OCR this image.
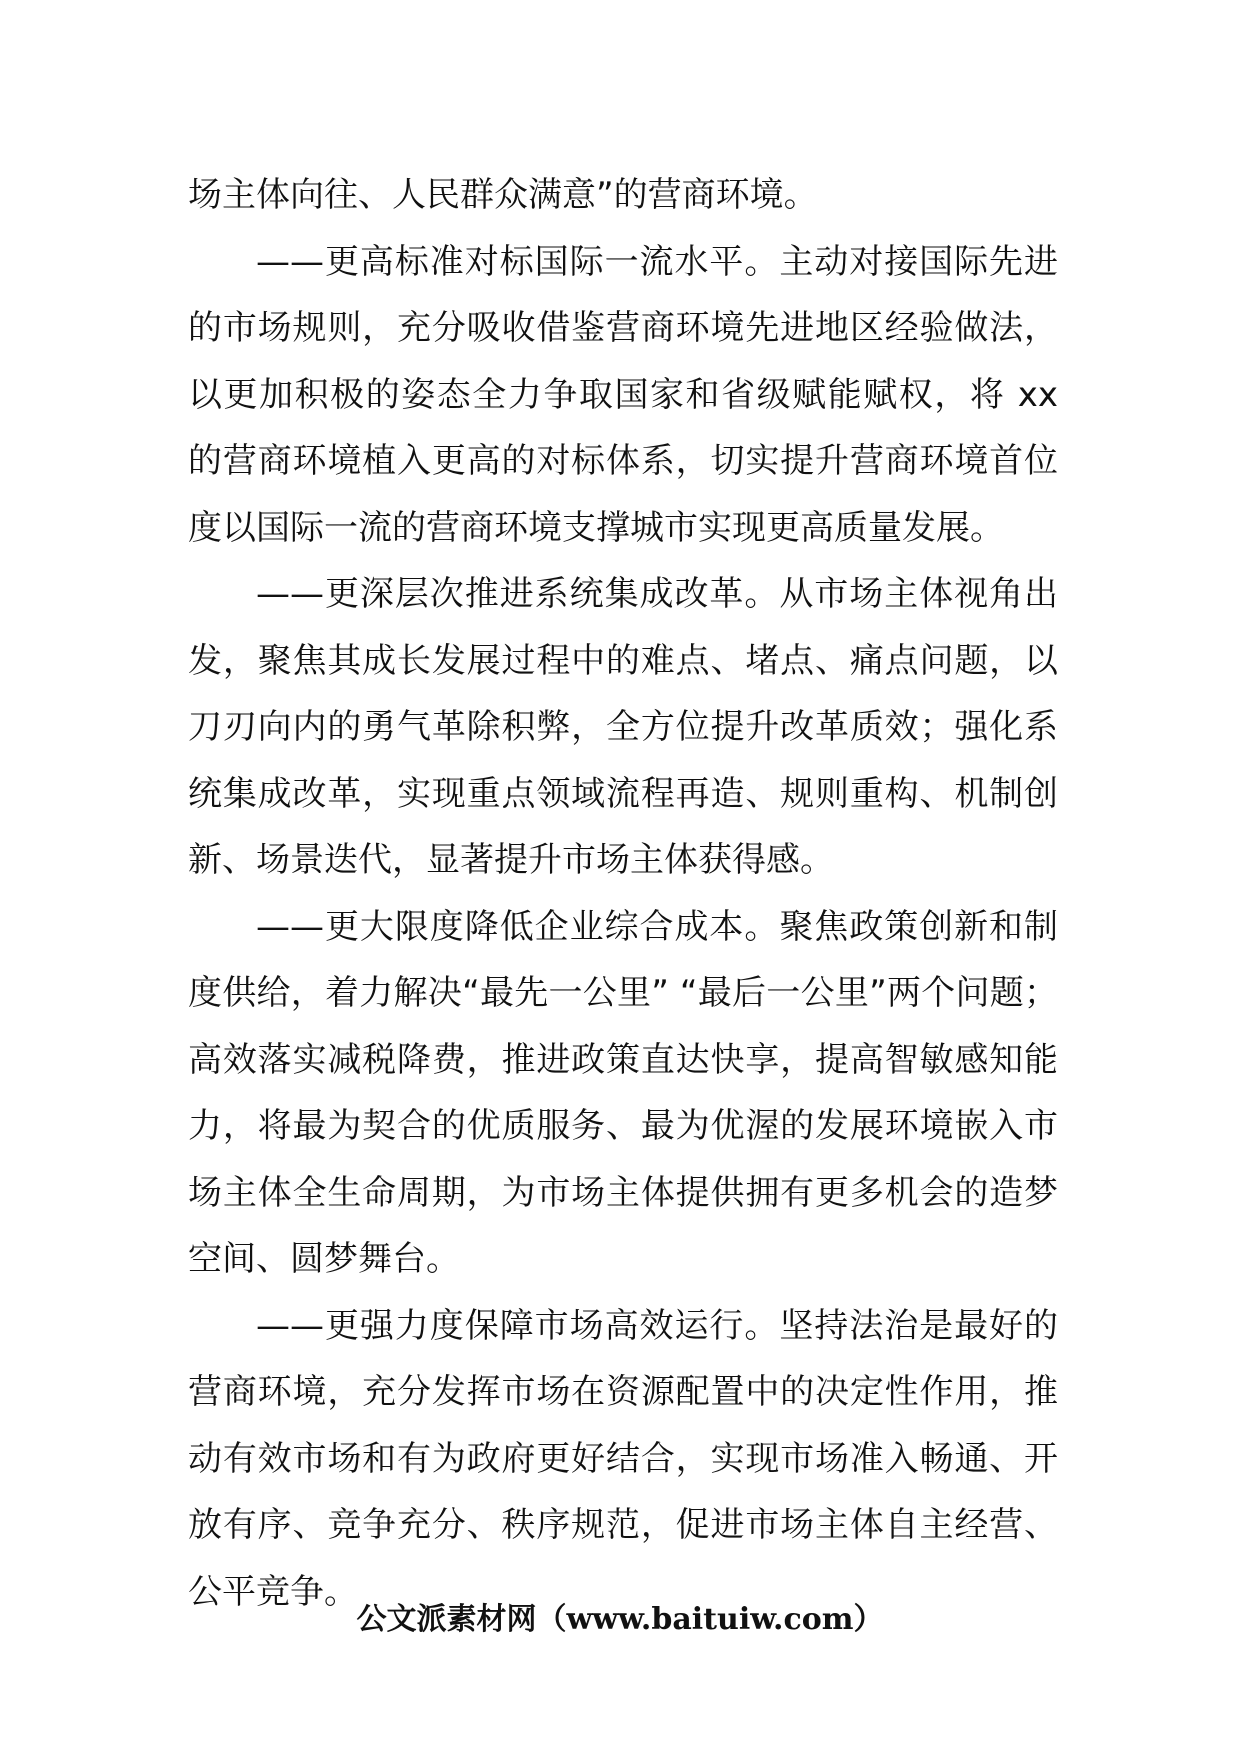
场主体向往、人民群众满意”的营商环境。

——更高标准对标国际一流水平。主动对接国际先进的市场规则，充分吸收借鉴营商环境先进地区经验做法，以更加积极的姿态全力争取国家和省级赋能赋权，将 xx 的营商环境植入更高的对标体系，切实提升营商环境首位度以国际一流的营商环境支撑城市实现更高质量发展。

——更深层次推进系统集成改革。从市场主体视角出发，聚焦其成长发展过程中的难点、堵点、痛点问题，以刀刃向内的勇气革除积弊，全方位提升改革质效；强化系统集成改革，实现重点领域流程再造、规则重构、机制创新、场景迭代，显著提升市场主体获得感。

——更大限度降低企业综合成本。聚焦政策创新和制度供给，着力解决“最先一公里” “最后一公里”两个问题；高效落实减税降费，推进政策直达快享，提高智敏感知能力，将最为契合的优质服务、最为优渥的发展环境嵌入市场主体全生命周期，为市场主体提供拥有更多机会的造梦空间、圆梦舞台。

——更强力度保障市场高效运行。坚持法治是最好的营商环境，充分发挥市场在资源配置中的决定性作用，推动有效市场和有为政府更好结合，实现市场准入畅通、开放有序、竞争充分、秩序规范，促进市场主体自主经营、公平竞争。

公文派素材网（www.baituiw.com）
